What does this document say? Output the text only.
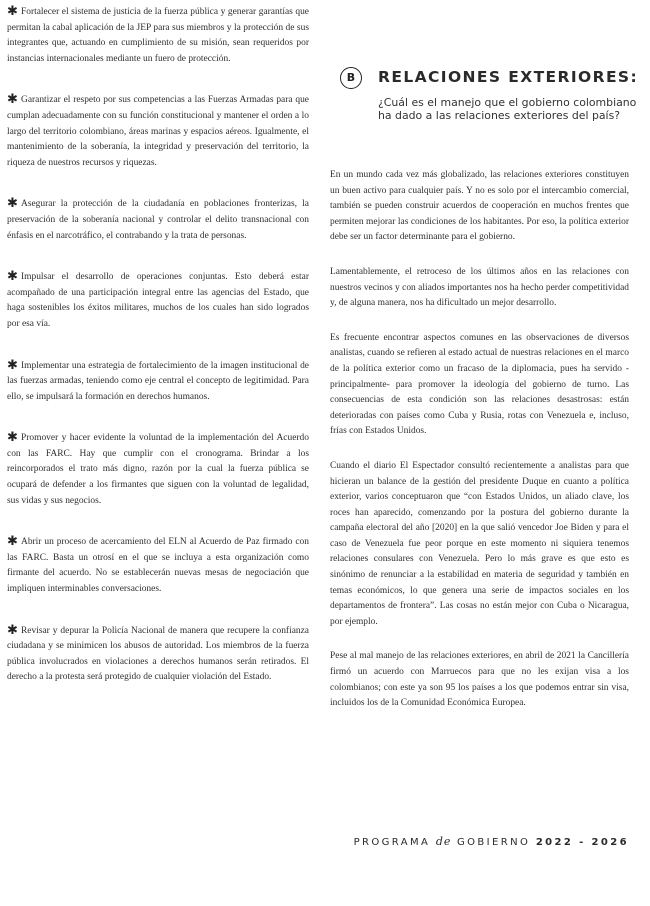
✱ Fortalecer el sistema de justicia de la fuerza pública y generar garantías que permitan la cabal aplicación de la JEP para sus miembros y la protección de sus integrantes que, actuando en cumplimiento de su misión, sean requeridos por instancias internacionales mediante un fuero de protección.

✱ Garantizar el respeto por sus competencias a las Fuerzas Armadas para que cumplan adecuadamente con su función constitucional y mantener el orden a lo largo del territorio colombiano, áreas marinas y espacios aéreos. Igualmente, el mantenimiento de la soberanía, la integridad y preservación del territorio, la riqueza de nuestros recursos y riquezas.

✱ Asegurar la protección de la ciudadanía en poblaciones fronterizas, la preservación de la soberanía nacional y controlar el delito transnacional con énfasis en el narcotráfico, el contrabando y la trata de personas.

✱ Impulsar el desarrollo de operaciones conjuntas. Esto deberá estar acompañado de una participación integral entre las agencias del Estado, que haga sostenibles los éxitos militares, muchos de los cuales han sido logrados por esa vía.

✱ Implementar una estrategia de fortalecimiento de la imagen institucional de las fuerzas armadas, teniendo como eje central el concepto de legitimidad. Para ello, se impulsará la formación en derechos humanos.

✱ Promover y hacer evidente la voluntad de la implementación del Acuerdo con las FARC. Hay que cumplir con el cronograma. Brindar a los reincorporados el trato más digno, razón por la cual la fuerza pública se ocupará de defender a los firmantes que siguen con la voluntad de legalidad, sus vidas y sus negocios.

✱ Abrir un proceso de acercamiento del ELN al Acuerdo de Paz firmado con las FARC. Basta un otrosí en el que se incluya a esta organización como firmante del acuerdo. No se establecerán nuevas mesas de negociación que impliquen interminables conversaciones.

✱ Revisar y depurar la Policía Nacional de manera que recupere la confianza ciudadana y se minimicen los abusos de autoridad. Los miembros de la fuerza pública involucrados en violaciones a derechos humanos serán retirados. El derecho a la protesta será protegido de cualquier violación del Estado.

B	RELACIONES EXTERIORES:
¿Cuál es el manejo que el gobierno colombiano ha dado a las relaciones exteriores del país?

En un mundo cada vez más globalizado, las relaciones exteriores constituyen un buen activo para cualquier país. Y no es solo por el intercambio comercial, también se pueden construir acuerdos de cooperación en muchos frentes que permiten mejorar las condiciones de los habitantes. Por eso, la política exterior debe ser un factor determinante para el gobierno.

Lamentablemente, el retroceso de los últimos años en las relaciones con nuestros vecinos y con aliados importantes nos ha hecho perder competitividad y, de alguna manera, nos ha dificultado un mejor desarrollo.

Es frecuente encontrar aspectos comunes en las observaciones de diversos analistas, cuando se refieren al estado actual de nuestras relaciones en el marco de la política exterior como un fracaso de la diplomacia, pues ha servido -principalmente- para promover la ideología del gobierno de turno. Las consecuencias de esta condición son las relaciones desastrosas: están deterioradas con países como Cuba y Rusia, rotas con Venezuela e, incluso, frías con Estados Unidos.

Cuando el diario El Espectador consultó recientemente a analistas para que hicieran un balance de la gestión del presidente Duque en cuanto a política exterior, varios conceptuaron que “con Estados Unidos, un aliado clave, los roces han aparecido, comenzando por la postura del gobierno durante la campaña electoral del año [2020] en la que salió vencedor Joe Biden y para el caso de Venezuela fue peor porque en este momento ni siquiera tenemos relaciones consulares con Venezuela. Pero lo más grave es que esto es sinónimo de renunciar a la estabilidad en materia de seguridad y también en temas económicos, lo que genera una serie de impactos sociales en los departamentos de frontera”. Las cosas no están mejor con Cuba o Nicaragua, por ejemplo.

Pese al mal manejo de las relaciones exteriores, en abril de 2021 la Cancillería firmó un acuerdo con Marruecos para que no les exijan visa a los colombianos; con este ya son 95 los países a los que podemos entrar sin visa, incluidos los de la Comunidad Económica Europea.

PROGRAMA de GOBIERNO 2022 - 2026
